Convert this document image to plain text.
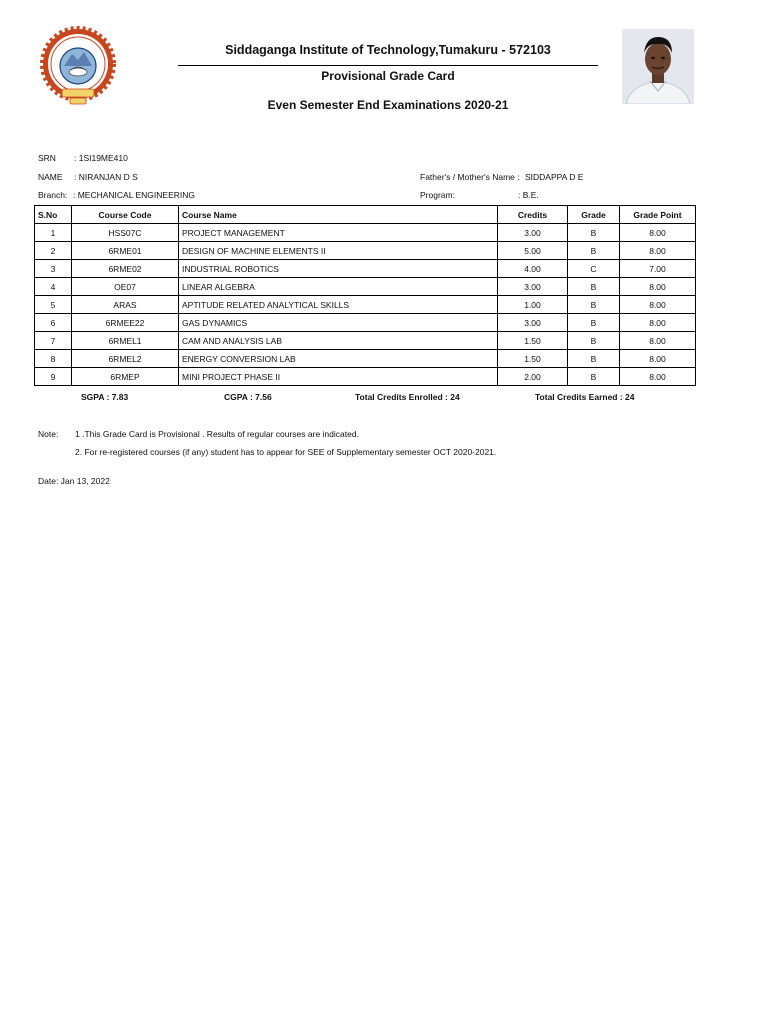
Siddaganga Institute of Technology,Tumakuru - 572103
Provisional Grade Card
Even Semester End Examinations 2020-21
SRN : 1SI19ME410
NAME : NIRANJAN D S	Father's / Mother's Name : SIDDAPPA D E
Branch: : MECHANICAL ENGINEERING	Program:	: B.E.
S.No	Course Code	Course Name	Credits	Grade	Grade Point
1	HSS07C	PROJECT MANAGEMENT	3.00	B	8.00
2	6RME01	DESIGN OF MACHINE ELEMENTS II	5.00	B	8.00
3	6RME02	INDUSTRIAL ROBOTICS	4.00	C	7.00
4	OE07	LINEAR ALGEBRA	3.00	B	8.00
5	ARAS	APTITUDE RELATED ANALYTICAL SKILLS	1.00	B	8.00
6	6RMEE22	GAS DYNAMICS	3.00	B	8.00
7	6RMEL1	CAM AND ANALYSIS LAB	1.50	B	8.00
8	6RMEL2	ENERGY CONVERSION LAB	1.50	B	8.00
9	6RMEP	MINI PROJECT PHASE II	2.00	B	8.00
SGPA : 7.83	CGPA : 7.56	Total Credits Enrolled : 24	Total Credits Earned : 24
Note: 1 .This Grade Card is Provisional . Results of regular courses are indicated.
2. For re-registered courses (if any) student has to appear for SEE of Supplementary semester OCT 2020-2021.
Date: Jan 13, 2022
